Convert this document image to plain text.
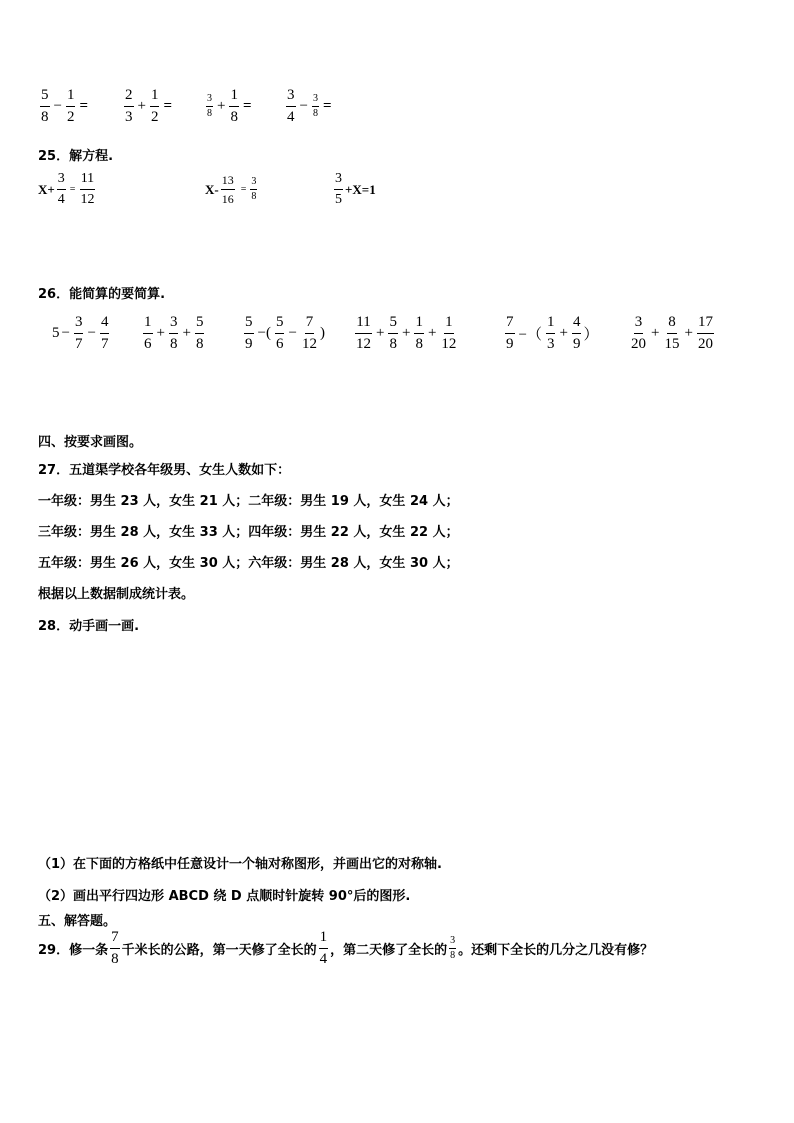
$\frac{5}{8} - \frac{1}{2} = \frac{2}{3} + \frac{1}{2}$ =	$\frac{3}{8} + \frac{1}{8} = \frac{3}{4} - \frac{3}{8}$ =
25．解方程.
$X+ \frac{3}{4} = \frac{11}{12}$	$X- \frac{13}{16} = \frac{3}{8}$	$\frac{3}{5} +X=1$
26．能简算的要简算.
$5 - \frac{3}{7} - \frac{4}{7} \frac{1}{6} + \frac{3}{8} + \frac{5}{8}$	$\frac{5}{9}$ −( $\frac{5}{6} - \frac{7}{12}$ ) $\frac{11}{12} + \frac{5}{8} + \frac{1}{8} + \frac{1}{12}$	$\frac{7}{9}$ −（ $\frac{1}{3} + \frac{4}{9}$ ） $\frac{3}{20} + \frac{8}{15} + \frac{17}{20}$
四、按要求画图。
27．五道渠学校各年级男、女生人数如下：
一年级：男生 23 人，女生 21 人；二年级：男生 19 人，女生 24 人；
三年级：男生 28 人，女生 33 人；四年级：男生 22 人，女生 22 人；
五年级：男生 26 人，女生 30 人；六年级：男生 28 人，女生 30 人；
根据以上数据制成统计表。
28．动手画一画.
（1）在下面的方格纸中任意设计一个轴对称图形，并画出它的对称轴.
（2）画出平行四边形 ABCD 绕 D 点顺时针旋转 90°后的图形.
五、解答题。
29．修一条 $\frac{7}{8}$ 千米长的公路，第一天修了全长的 $\frac{1}{4}$ ，第二天修了全长的 $\frac{3}{8}$ 。还剩下全长的几分之几没有修？
